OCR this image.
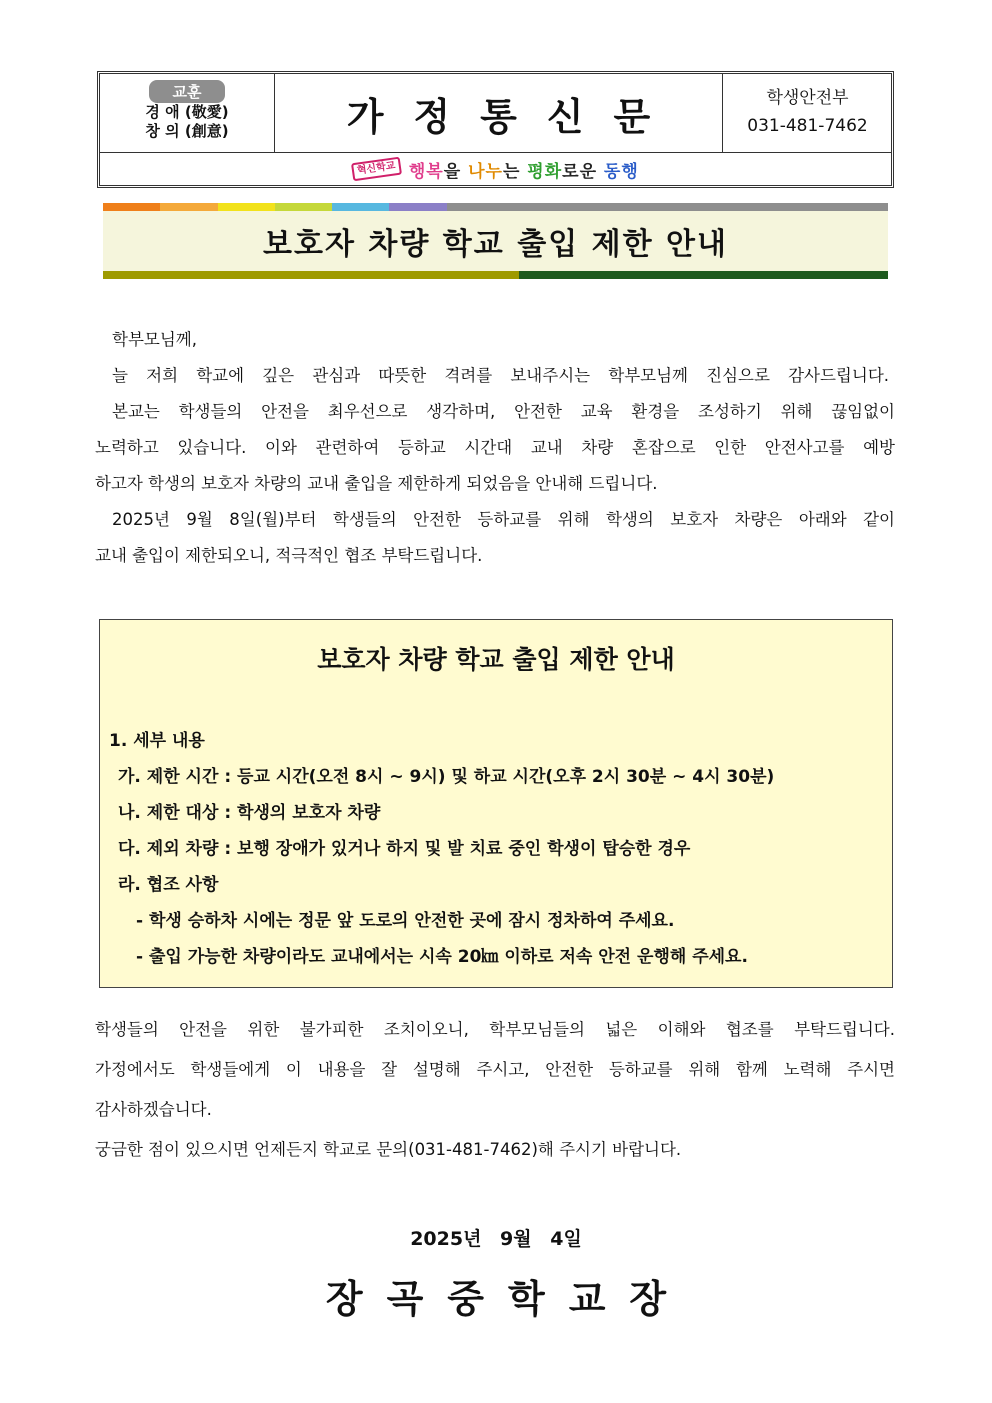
교훈
경 애 (敬愛)
창 의 (創意)	가정통신문	학생안전부
031-481-7462
혁신학교 행복을 나누는 평화로운 동행
보호자 차량 학교 출입 제한 안내
학부모님께,
늘 저희 학교에 깊은 관심과 따뜻한 격려를 보내주시는 학부모님께 진심으로 감사드립니다.
본교는 학생들의 안전을 최우선으로 생각하며, 안전한 교육 환경을 조성하기 위해 끊임없이
노력하고 있습니다. 이와 관련하여 등하교 시간대 교내 차량 혼잡으로 인한 안전사고를 예방
하고자 학생의 보호자 차량의 교내 출입을 제한하게 되었음을 안내해 드립니다.
2025년 9월 8일(월)부터 학생들의 안전한 등하교를 위해 학생의 보호자 차량은 아래와 같이
교내 출입이 제한되오니, 적극적인 협조 부탁드립니다.
보호자 차량 학교 출입 제한 안내
1. 세부 내용
가. 제한 시간 : 등교 시간(오전 8시 ~ 9시) 및 하교 시간(오후 2시 30분 ~ 4시 30분)
나. 제한 대상 : 학생의 보호자 차량
다. 제외 차량 : 보행 장애가 있거나 하지 및 발 치료 중인 학생이 탑승한 경우
라. 협조 사항
- 학생 승하차 시에는 정문 앞 도로의 안전한 곳에 잠시 정차하여 주세요.
- 출입 가능한 차량이라도 교내에서는 시속 20㎞ 이하로 저속 안전 운행해 주세요.
학생들의 안전을 위한 불가피한 조치이오니, 학부모님들의 넓은 이해와 협조를 부탁드립니다.
가정에서도 학생들에게 이 내용을 잘 설명해 주시고, 안전한 등하교를 위해 함께 노력해 주시면
감사하겠습니다.
궁금한 점이 있으시면 언제든지 학교로 문의(031-481-7462)해 주시기 바랍니다.
2025년 9월 4일
장곡중학교장
